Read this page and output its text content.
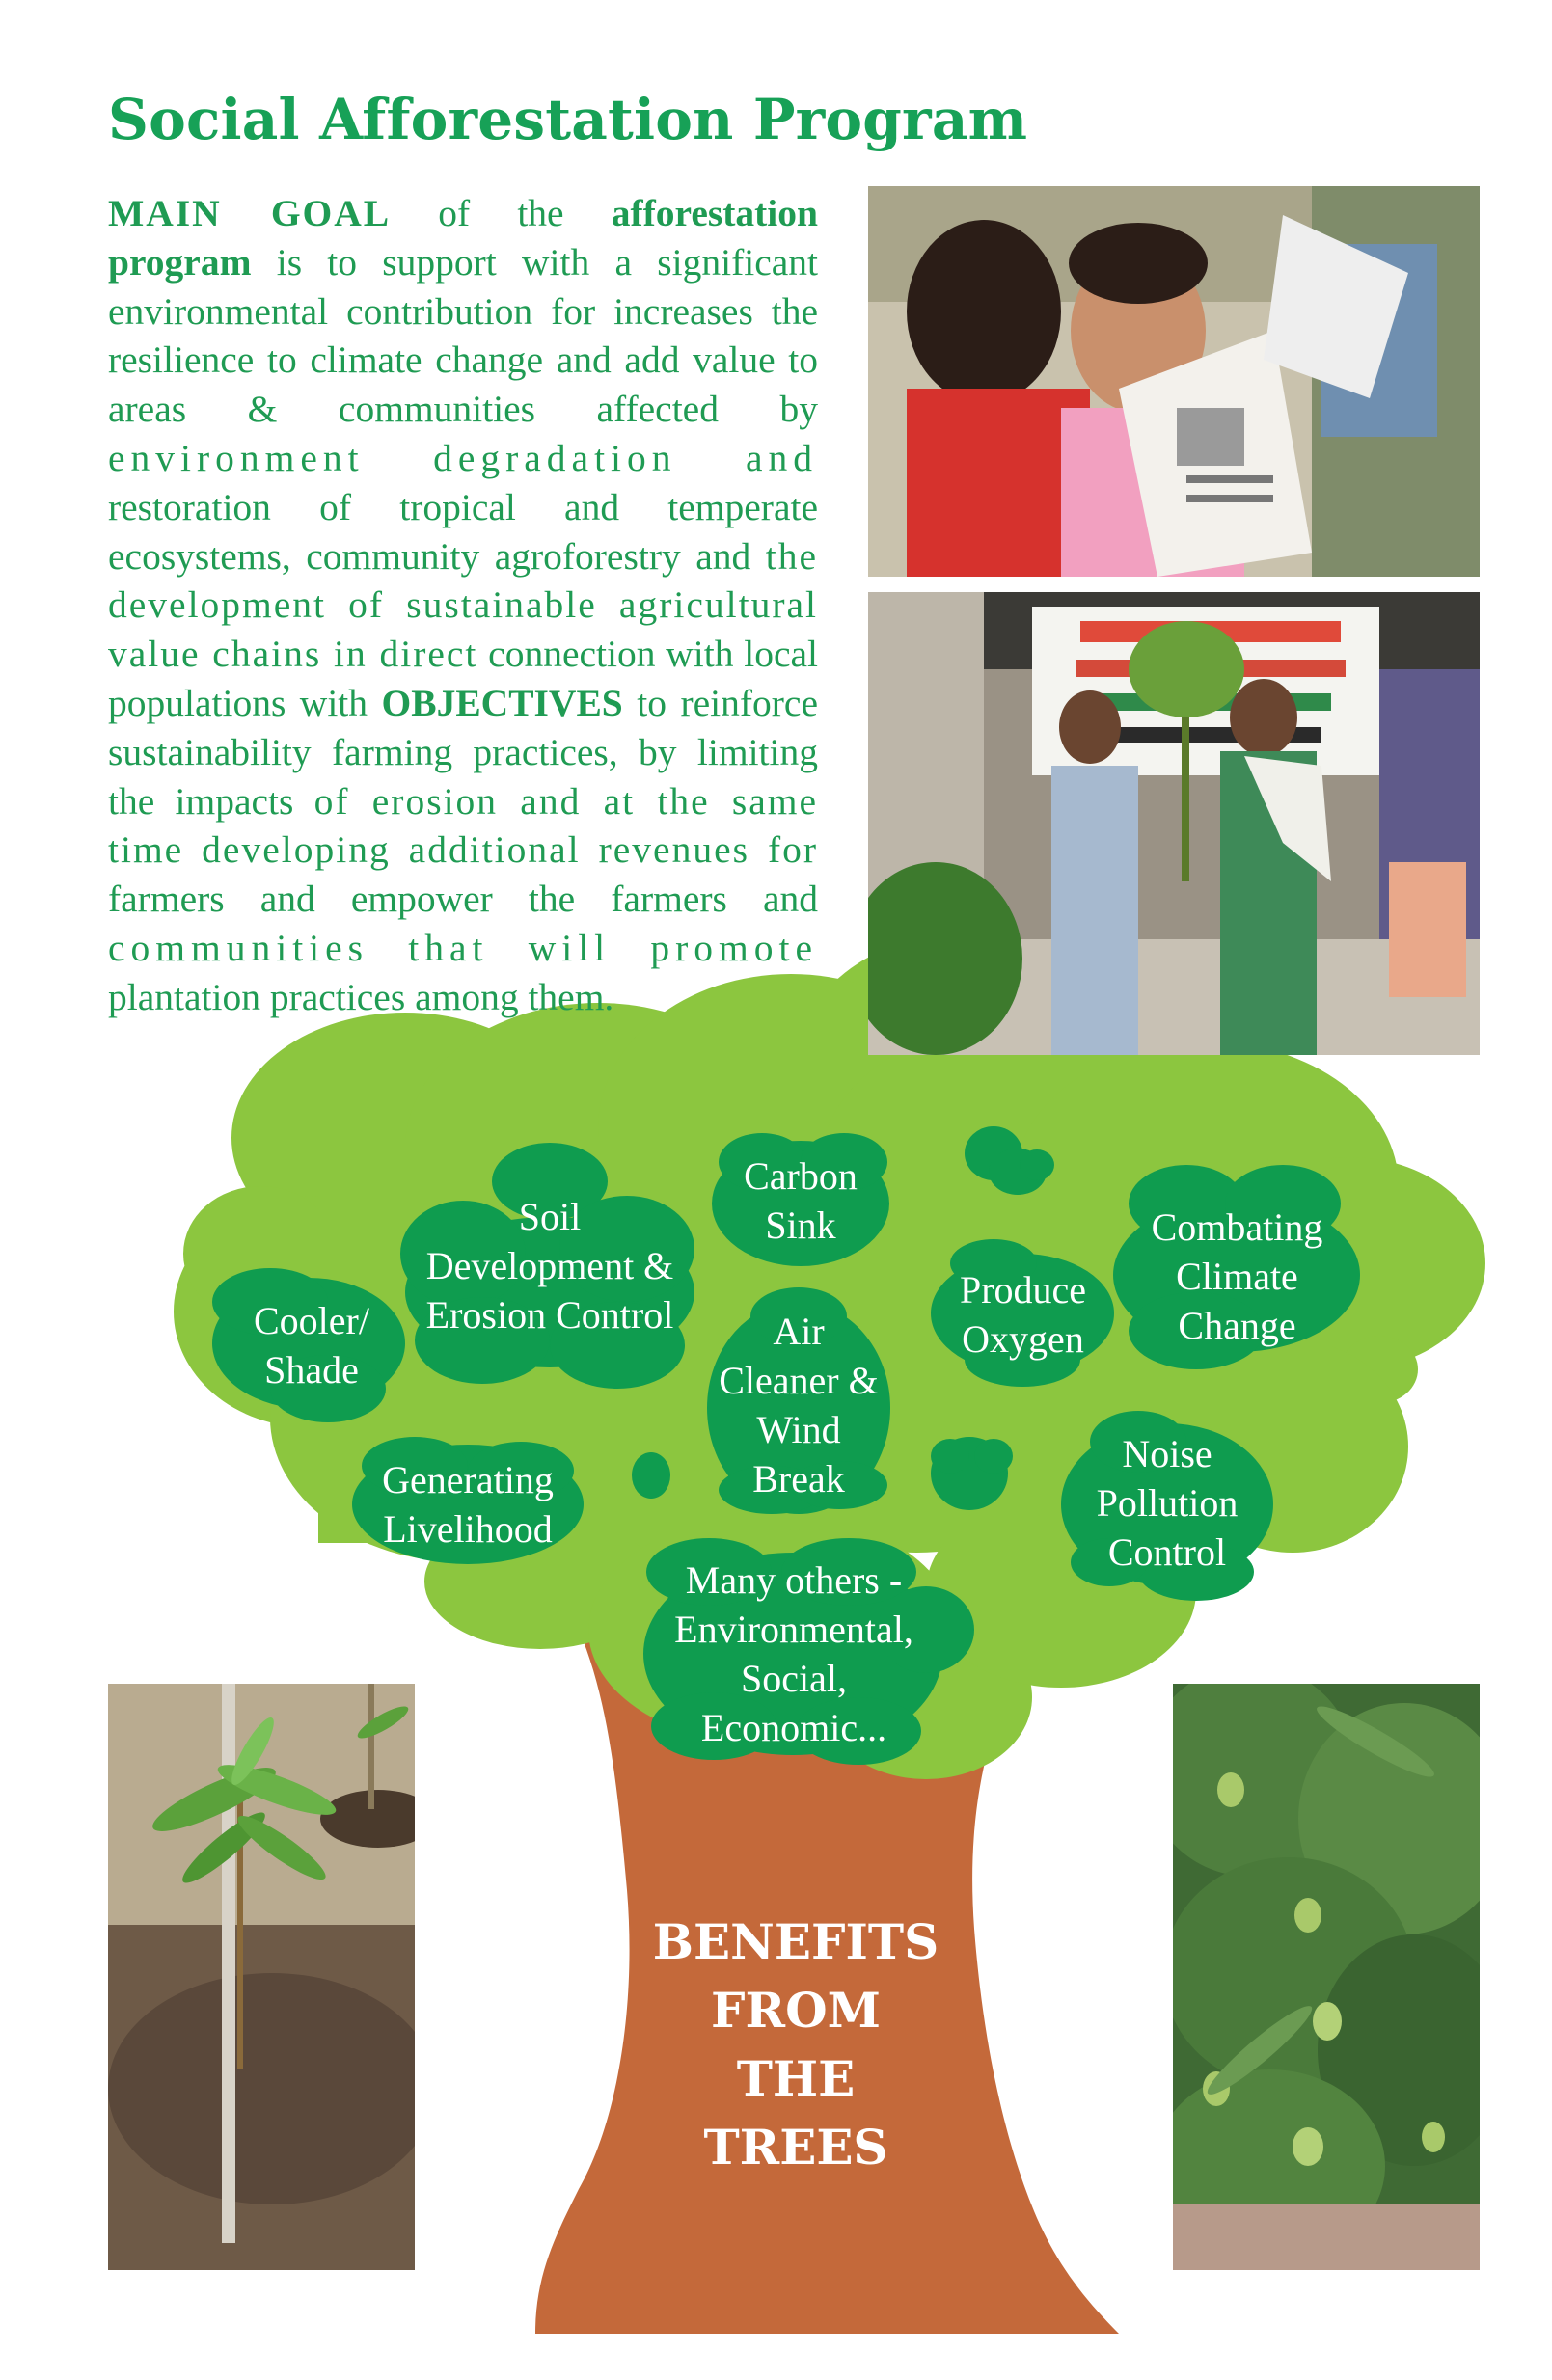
Social Afforestation Program
MAIN GOAL of the afforestation program is to support with a significant environmental contribution for increases the resilience to climate change and add value to areas & communities affected by environment degradation and restoration of tropical and temperate ecosystems, community agroforestry and the development of sustainable agricultural value chains in direct connection with local populations with OBJECTIVES to reinforce sustainability farming practices, by limiting the impacts of erosion and at the same time developing additional revenues for farmers and empower the farmers and communities that will promote plantation practices among them.
Soil Development & Erosion Control
Carbon Sink	Combating Climate Change
Cooler/ Shade
Produce Oxygen
Air Cleaner & Wind Break
Generating Livelihood
Noise Pollution Control
Many others - Environmental, Social, Economic...
BENEFITS
FROM
THE
TREES
